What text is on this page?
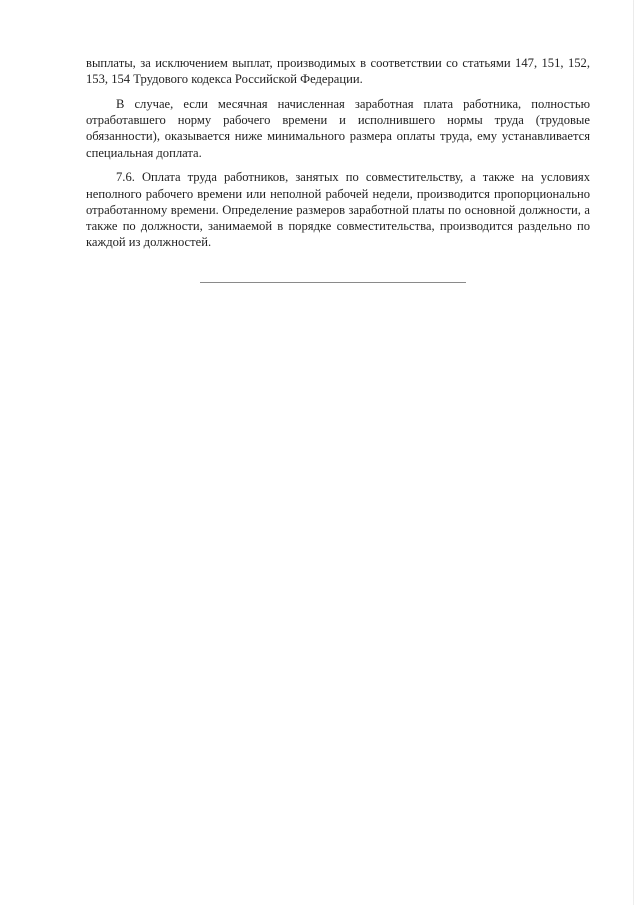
выплаты, за исключением выплат, производимых в соответствии со статьями 147, 151, 152, 153, 154 Трудового кодекса Российской Федерации.

В случае, если месячная начисленная заработная плата работника, полностью отработавшего норму рабочего времени и исполнившего нормы труда (трудовые обязанности), оказывается ниже минимального размера оплаты труда, ему устанавливается специальная доплата.

7.6. Оплата труда работников, занятых по совместительству, а также на условиях неполного рабочего времени или неполной рабочей недели, производится пропорционально отработанному времени. Определение размеров заработной платы по основной должности, а также по должности, занимаемой в порядке совместительства, производится раздельно по каждой из должностей.
